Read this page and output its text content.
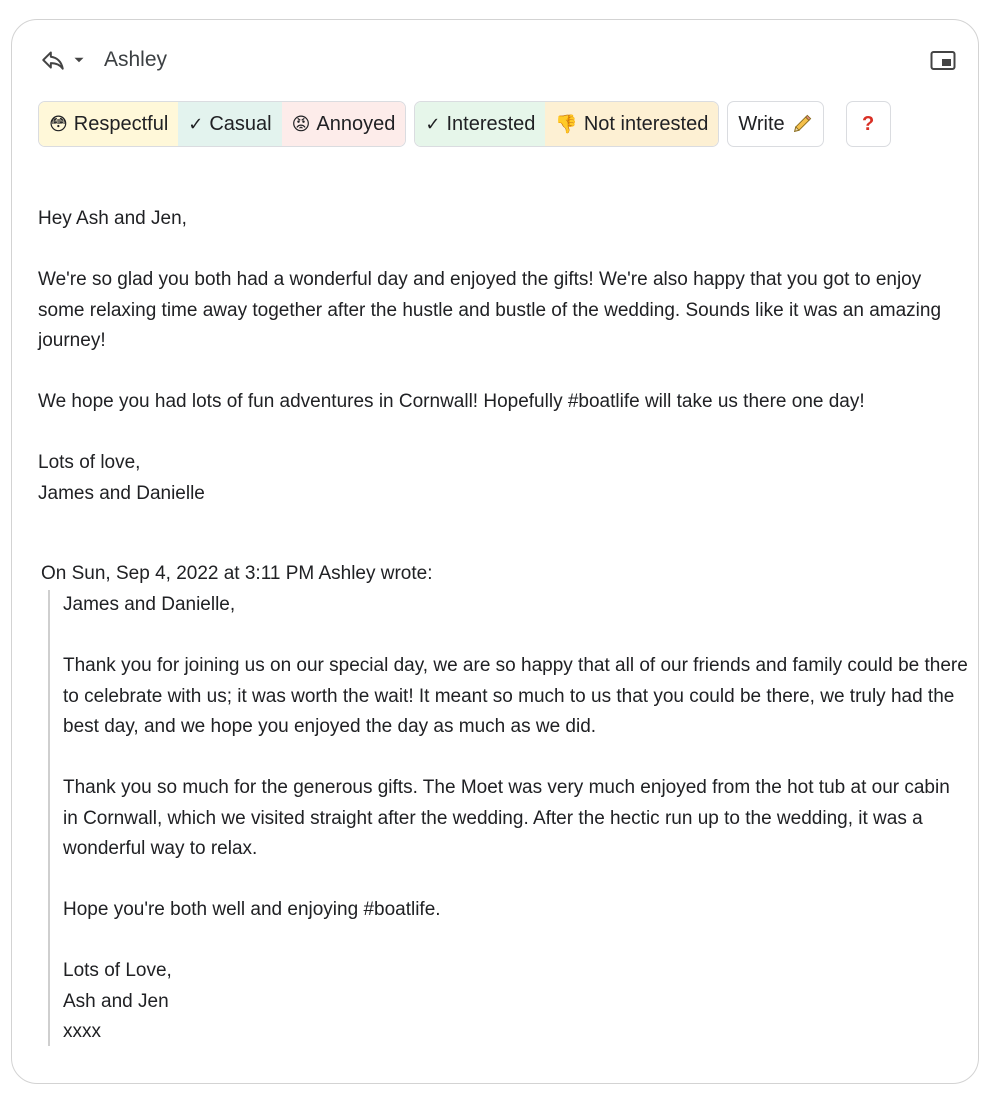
Ashley
😳 Respectful ✓ Casual 😡 Annoyed ✓ Interested 👎 Not interested Write	?

Hey Ash and Jen,

We're so glad you both had a wonderful day and enjoyed the gifts! We're also happy that you got to enjoy some relaxing time away together after the hustle and bustle of the wedding. Sounds like it was an amazing journey!

We hope you had lots of fun adventures in Cornwall! Hopefully #boatlife will take us there one day!

Lots of love,
James and Danielle

On Sun, Sep 4, 2022 at 3:11 PM Ashley wrote:

James and Danielle,

Thank you for joining us on our special day, we are so happy that all of our friends and family could be there to celebrate with us; it was worth the wait! It meant so much to us that you could be there, we truly had the best day, and we hope you enjoyed the day as much as we did.

Thank you so much for the generous gifts. The Moet was very much enjoyed from the hot tub at our cabin in Cornwall, which we visited straight after the wedding. After the hectic run up to the wedding, it was a wonderful way to relax.

Hope you're both well and enjoying #boatlife.

Lots of Love,
Ash and Jen
xxxx
